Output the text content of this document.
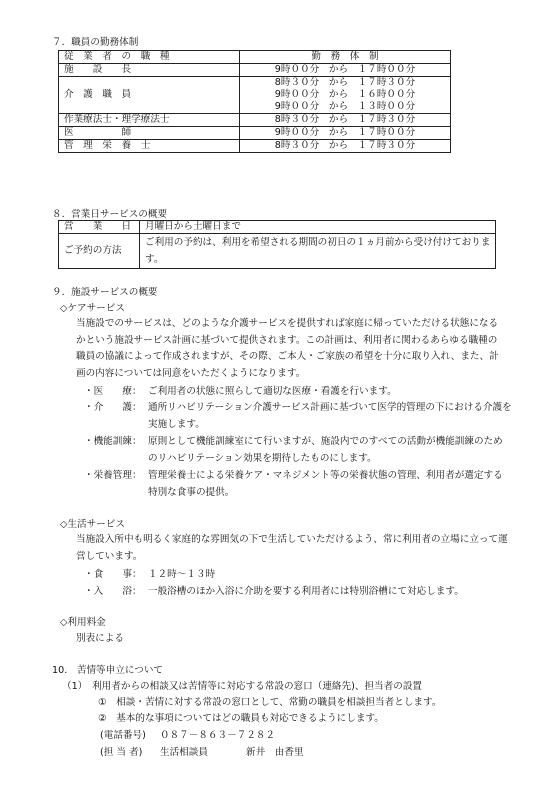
７．職員の勤務体制
従　業　者　の　職　種	勤　務　体　制
施　　設　　長	9時００分　から　１７時００分
介　護　職　員	8時３０分　から　１７時３０分
9時００分　から　１６時００分
9時００分　から　１３時００分

作業療法士・理学療法士	8時３０分　から　１７時３０分
医　　　　　師	9時００分　から　１７時００分
管　理　栄　養　士	8時３０分　から　１７時３０分
８．営業日サービスの概要
営　　業　　日	月曜日から土曜日まで
ご予約の方法	ご利用の予約は、利用を希望される期間の初日の１ヵ月前から受け付けておりま
す。
９．施設サービスの概要
◇ケアサービス

当施設でのサービスは、どのような介護サービスを提供すれば家庭に帰っていただける状態になる

かという施設サービス計画に基づいて提供されます。この計画は、利用者に関わるあらゆる職種の

職員の協議によって作成されますが、その際、ご本人・ご家族の希望を十分に取り入れ、また、計

画の内容については同意をいただくようになります。

・医　　療： ご利用者の状態に照らして適切な医療・看護を行います。
・介　　護： 通所リハビリテーション介護サービス計画に基づいて医学的管理の下における介護を
実施します。
・機能訓練： 原則として機能訓練室にて行いますが、施設内でのすべての活動が機能訓練のため
のリハビリテーション効果を期待したものにします。
・栄養管理： 管理栄養士による栄養ケア・マネジメント等の栄養状態の管理、利用者が選定する
特別な食事の提供。
◇生活サービス

当施設入所中も明るく家庭的な雰囲気の下で生活していただけるよう、常に利用者の立場に立って運

営しています。

・食　　事： １２時～１３時
・入　　浴： 一般浴槽のほか入浴に介助を要する利用者には特別浴槽にて対応します。
◇利用料金
別表による
10.　苦情等申立について
（1）　利用者からの相談又は苦情等に対応する常設の窓口（連絡先)、担当者の設置
①　相談・苦情に対する常設の窓口として、常勤の職員を相談担当者とします。
②　基本的な事項についてはどの職員も対応できるようにします。
(電話番号) ０８７－８６３－７２８２
(担 当 者) 生活相談員	新井　由香里
